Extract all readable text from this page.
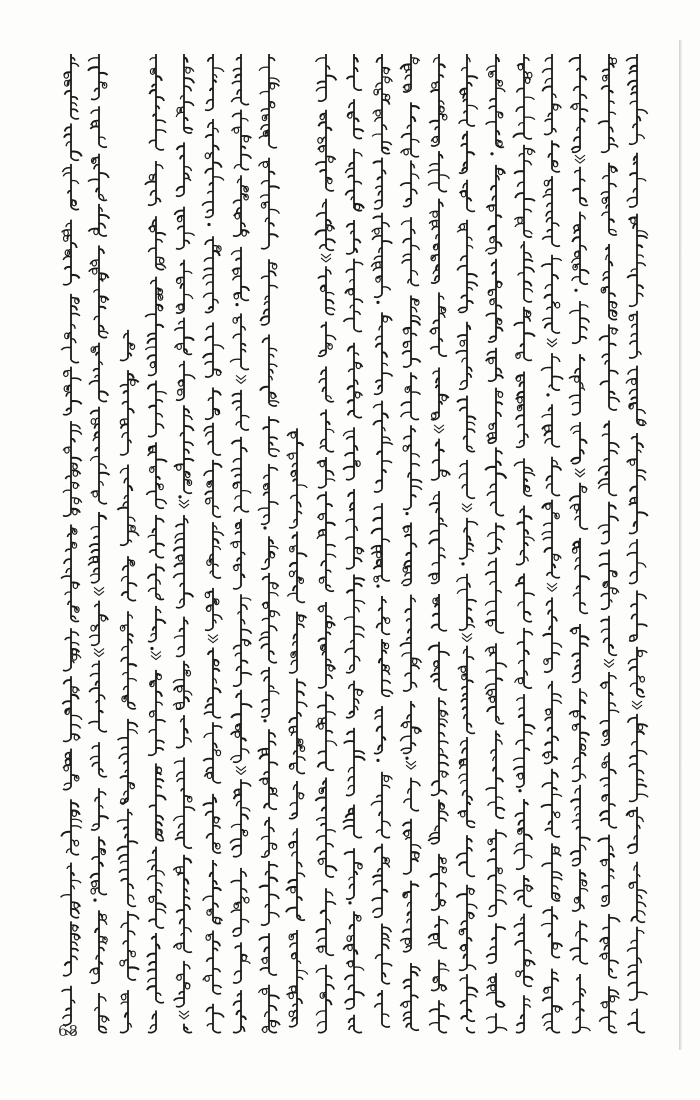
68
